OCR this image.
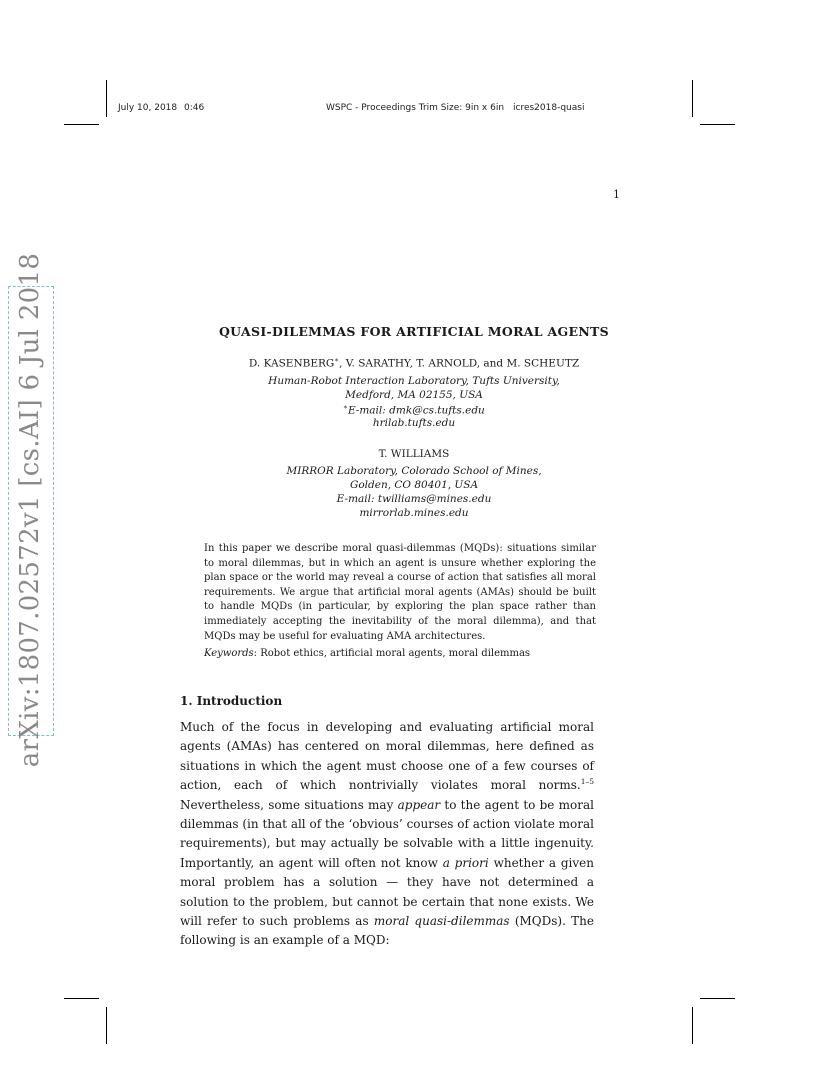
July 10, 2018 0:46	WSPC - Proceedings Trim Size: 9in x 6in icres2018-quasi
1
arXiv:1807.02572v1 [cs.AI] 6 Jul 2018	QUASI-DILEMMAS FOR ARTIFICIAL MORAL AGENTS
D. KASENBERG∗, V. SARATHY, T. ARNOLD, and M. SCHEUTZ
Human-Robot Interaction Laboratory, Tufts University,
Medford, MA 02155, USA
∗E-mail: dmk@cs.tufts.edu
hrilab.tufts.edu
T. WILLIAMS
MIRROR Laboratory, Colorado School of Mines,
Golden, CO 80401, USA
E-mail: twilliams@mines.edu
mirrorlab.mines.edu
In this paper we describe moral quasi-dilemmas (MQDs): situations similar to moral dilemmas, but in which an agent is unsure whether exploring the plan space or the world may reveal a course of action that satisfies all moral requirements. We argue that artificial moral agents (AMAs) should be built to handle MQDs (in particular, by exploring the plan space rather than immediately accepting the inevitability of the moral dilemma), and that MQDs may be useful for evaluating AMA architectures.
Keywords: Robot ethics, artificial moral agents, moral dilemmas
1. Introduction
Much of the focus in developing and evaluating artificial moral agents (AMAs) has centered on moral dilemmas, here defined as situations in which the agent must choose one of a few courses of action, each of which nontrivially violates moral norms.$^{1-5}$ Nevertheless, some situations may appear to the agent to be moral dilemmas (in that all of the ‘obvious’ courses of action violate moral requirements), but may actually be solvable with a little ingenuity. Importantly, an agent will often not know a priori whether a given moral problem has a solution — they have not determined a solution to the problem, but cannot be certain that none exists. We will refer to such problems as moral quasi-dilemmas (MQDs). The following is an example of a MQD:
